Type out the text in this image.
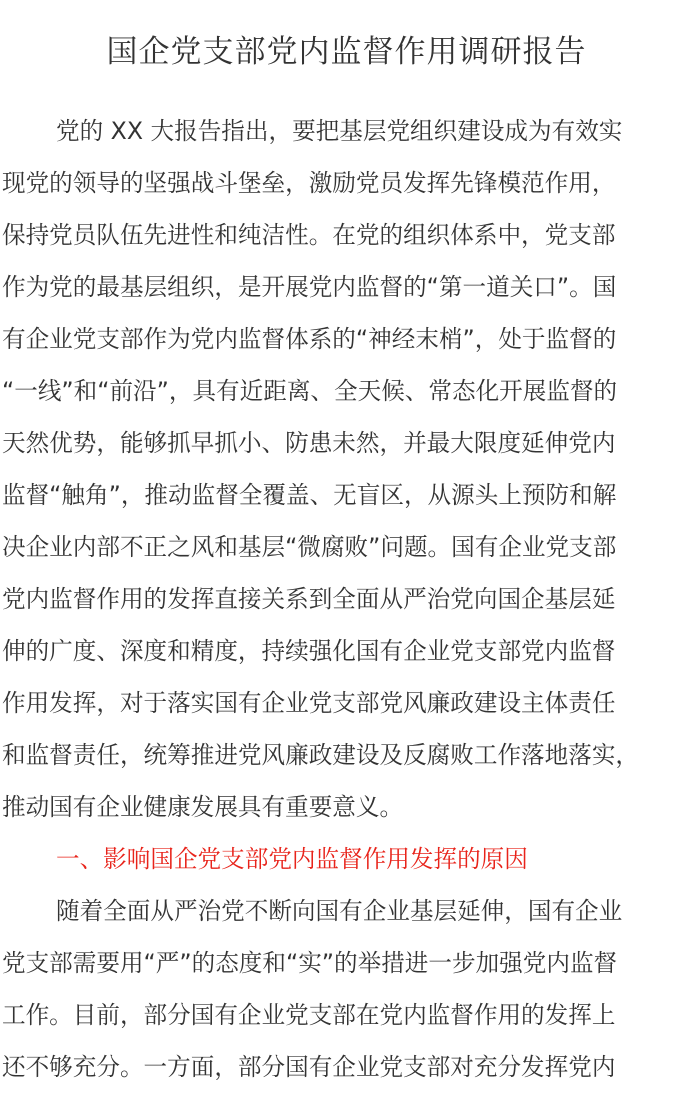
国企党支部党内监督作用调研报告
党的 XX 大报告指出，要把基层党组织建设成为有效实
现党的领导的坚强战斗堡垒，激励党员发挥先锋模范作用，
保持党员队伍先进性和纯洁性。在党的组织体系中，党支部
作为党的最基层组织，是开展党内监督的“第一道关口”。国
有企业党支部作为党内监督体系的“神经末梢”，处于监督的
“一线”和“前沿”，具有近距离、全天候、常态化开展监督的
天然优势，能够抓早抓小、防患未然，并最大限度延伸党内
监督“触角”，推动监督全覆盖、无盲区，从源头上预防和解
决企业内部不正之风和基层“微腐败”问题。国有企业党支部
党内监督作用的发挥直接关系到全面从严治党向国企基层延
伸的广度、深度和精度，持续强化国有企业党支部党内监督
作用发挥，对于落实国有企业党支部党风廉政建设主体责任
和监督责任，统筹推进党风廉政建设及反腐败工作落地落实，
推动国有企业健康发展具有重要意义。
一、影响国企党支部党内监督作用发挥的原因
随着全面从严治党不断向国有企业基层延伸，国有企业
党支部需要用“严”的态度和“实”的举措进一步加强党内监督
工作。目前，部分国有企业党支部在党内监督作用的发挥上
还不够充分。一方面，部分国有企业党支部对充分发挥党内
